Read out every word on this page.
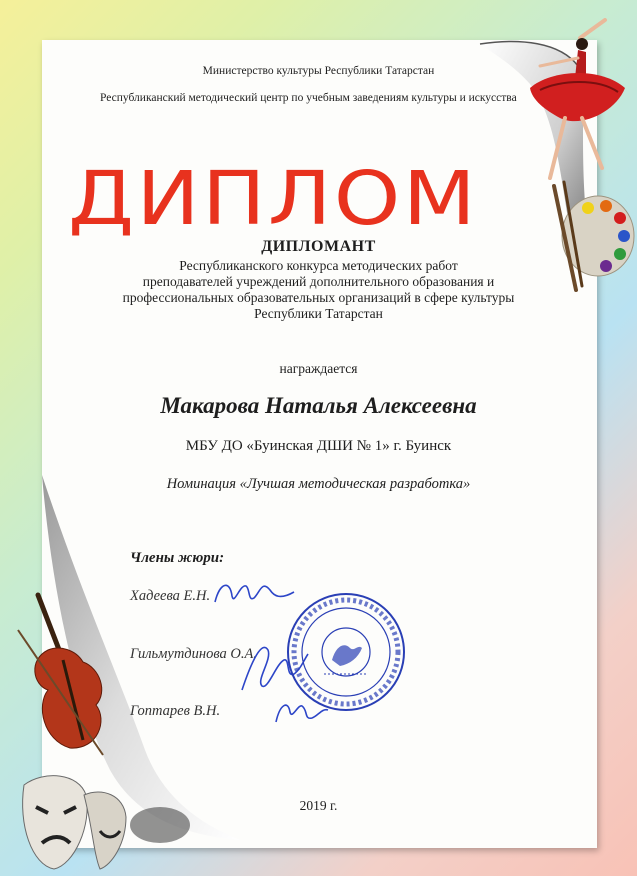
Министерство культуры Республики Татарстан
Республиканский методический центр по учебным заведениям культуры и искусства
ДИПЛОМ
ДИПЛОМАНТ
Республиканского конкурса методических работ
преподавателей учреждений дополнительного образования и
профессиональных образовательных организаций в сфере культуры
Республики Татарстан
награждается
Макарова Наталья Алексеевна
МБУ ДО «Буинская ДШИ № 1» г. Буинск
Номинация «Лучшая методическая разработка»
Члены жюри:
Хадеева Е.Н.
Гильмутдинова О.А.
Гоптарев В.Н.
2019 г.
